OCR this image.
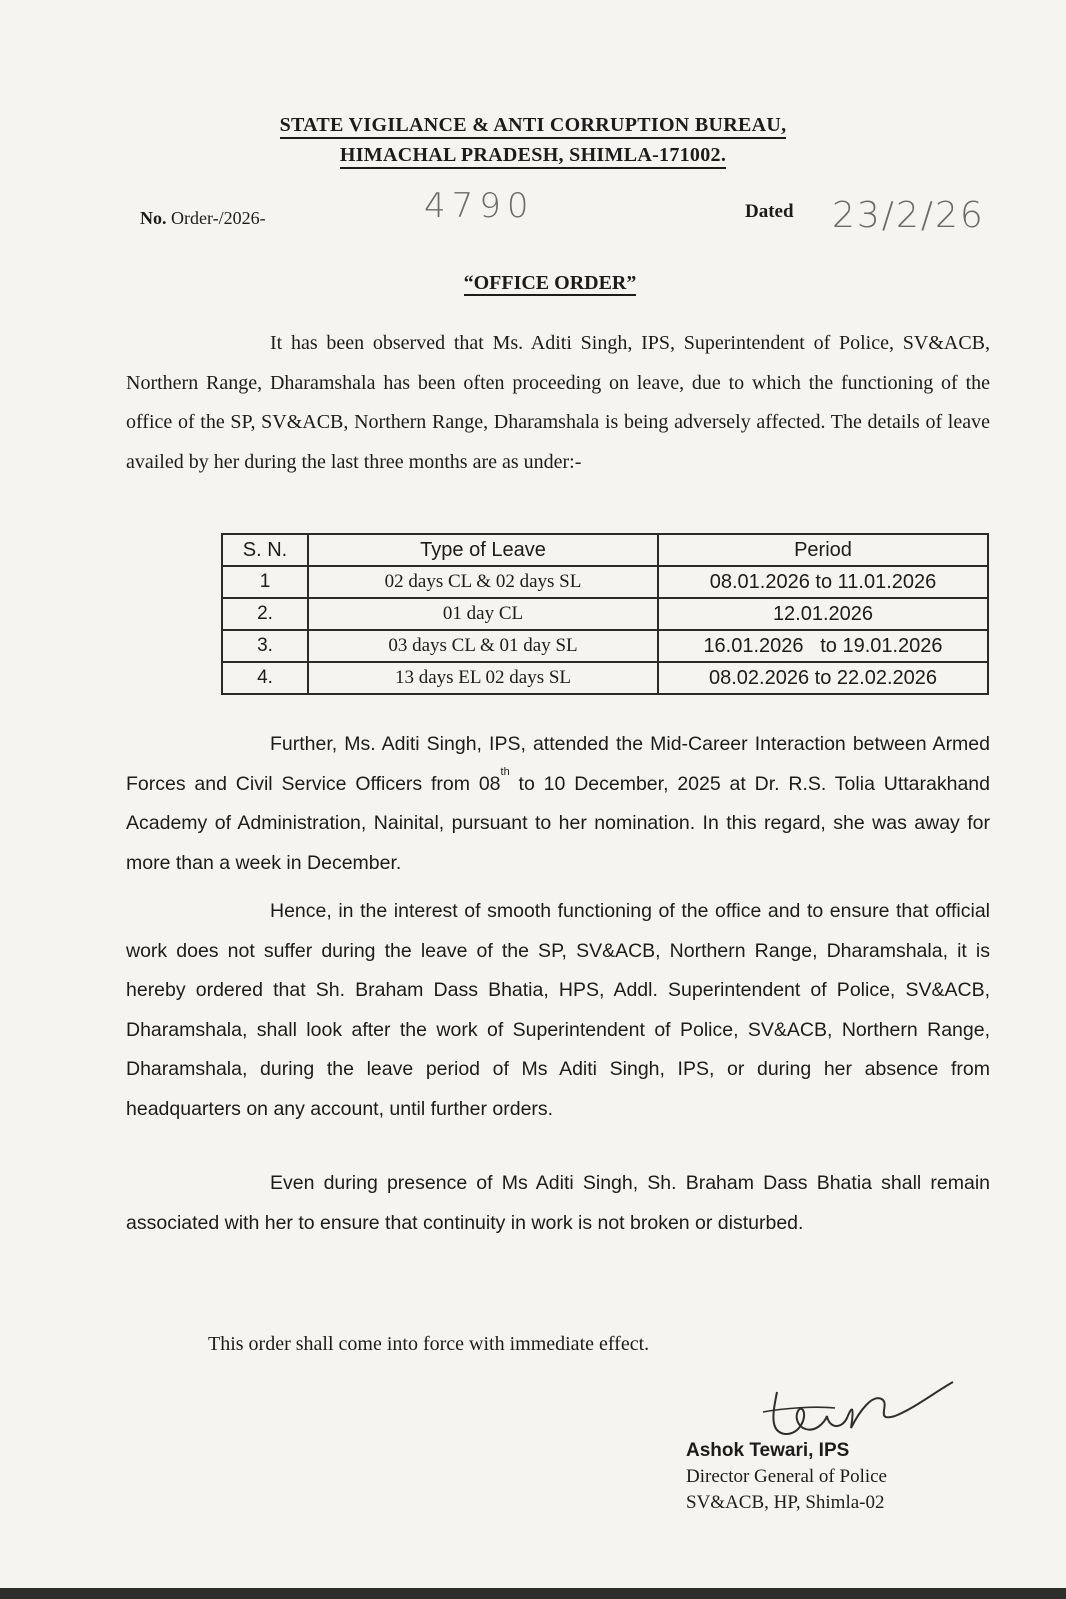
STATE VIGILANCE & ANTI CORRUPTION BUREAU,
HIMACHAL PRADESH, SHIMLA-171002.
No. Order-/2026-	4790	Dated 23/2/26
“OFFICE ORDER”
It has been observed that Ms. Aditi Singh, IPS, Superintendent of Police, SV&ACB, Northern Range, Dharamshala has been often proceeding on leave, due to which the functioning of the office of the SP, SV&ACB, Northern Range, Dharamshala is being adversely affected. The details of leave availed by her during the last three months are as under:-
S. N.	Type of Leave	Period
1	02 days CL & 02 days SL	08.01.2026 to 11.01.2026
2.	01 day CL	12.01.2026
3.	03 days CL & 01 day SL	16.01.2026   to 19.01.2026
4.	13 days EL 02 days SL	08.02.2026 to 22.02.2026
Further, Ms. Aditi Singh, IPS, attended the Mid-Career Interaction between Armed Forces and Civil Service Officers from 08th to 10 December, 2025 at Dr. R.S. Tolia Uttarakhand Academy of Administration, Nainital, pursuant to her nomination. In this regard, she was away for more than a week in December.
Hence, in the interest of smooth functioning of the office and to ensure that official work does not suffer during the leave of the SP, SV&ACB, Northern Range, Dharamshala, it is hereby ordered that Sh. Braham Dass Bhatia, HPS, Addl. Superintendent of Police, SV&ACB, Dharamshala, shall look after the work of Superintendent of Police, SV&ACB, Northern Range, Dharamshala, during the leave period of Ms Aditi Singh, IPS, or during her absence from headquarters on any account, until further orders.
Even during presence of Ms Aditi Singh, Sh. Braham Dass Bhatia shall remain associated with her to ensure that continuity in work is not broken or disturbed.
This order shall come into force with immediate effect.
Ashok Tewari, IPS
Director General of Police
SV&ACB, HP, Shimla-02
